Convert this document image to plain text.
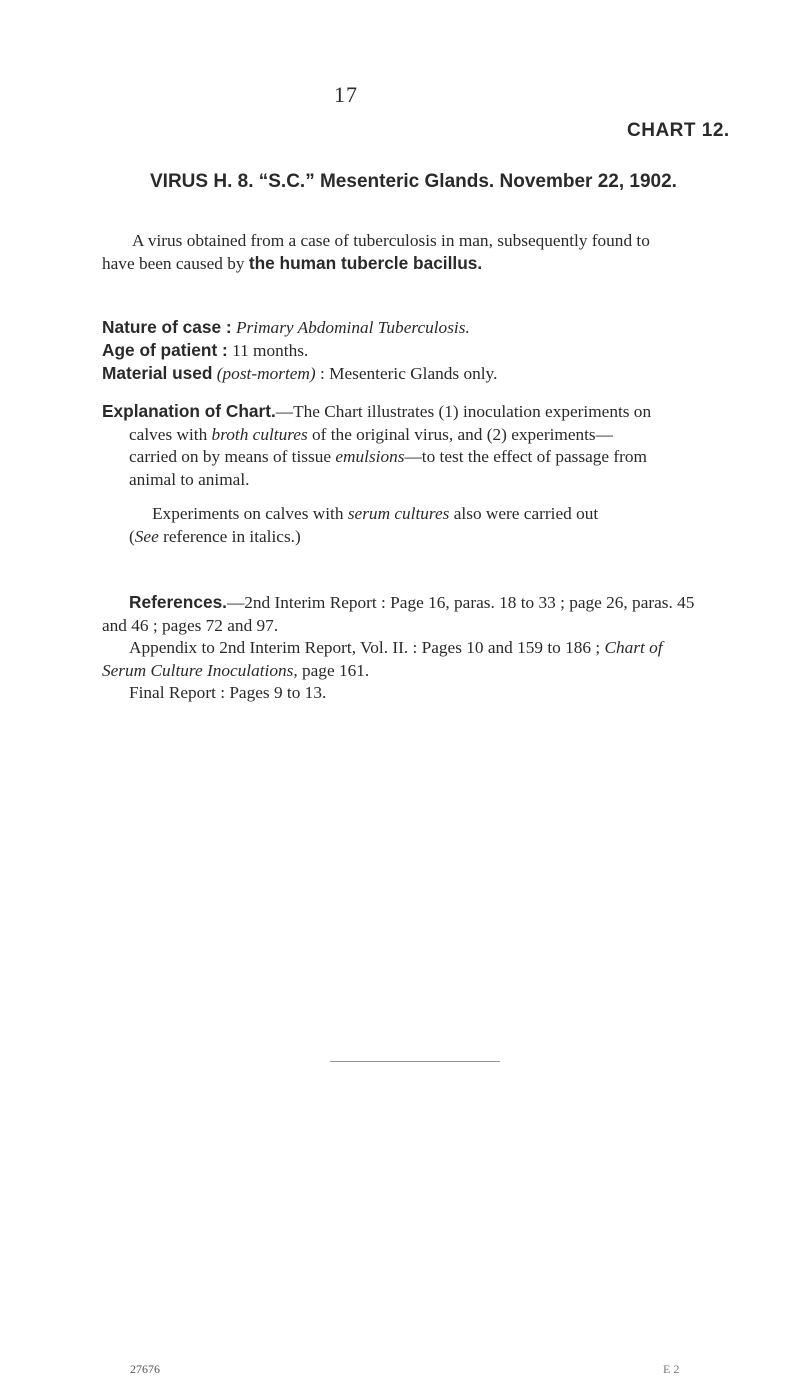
17
CHART 12.
VIRUS H. 8. “S.C.” Mesenteric Glands. November 22, 1902.
A virus obtained from a case of tuberculosis in man, subsequently found to
have been caused by the human tubercle bacillus.
Nature of case : Primary Abdominal Tuberculosis.
Age of patient : 11 months.
Material used (post-mortem) : Mesenteric Glands only.
Explanation of Chart.—The Chart illustrates (1) inoculation experiments on
calves with broth cultures of the original virus, and (2) experiments—
carried on by means of tissue emulsions—to test the effect of passage from
animal to animal.
Experiments on calves with serum cultures also were carried out
(See reference in italics.)
References.—2nd Interim Report : Page 16, paras. 18 to 33 ; page 26, paras. 45
and 46 ; pages 72 and 97.
Appendix to 2nd Interim Report, Vol. II. : Pages 10 and 159 to 186 ; Chart of
Serum Culture Inoculations, page 161.
Final Report : Pages 9 to 13.
27676	E 2
